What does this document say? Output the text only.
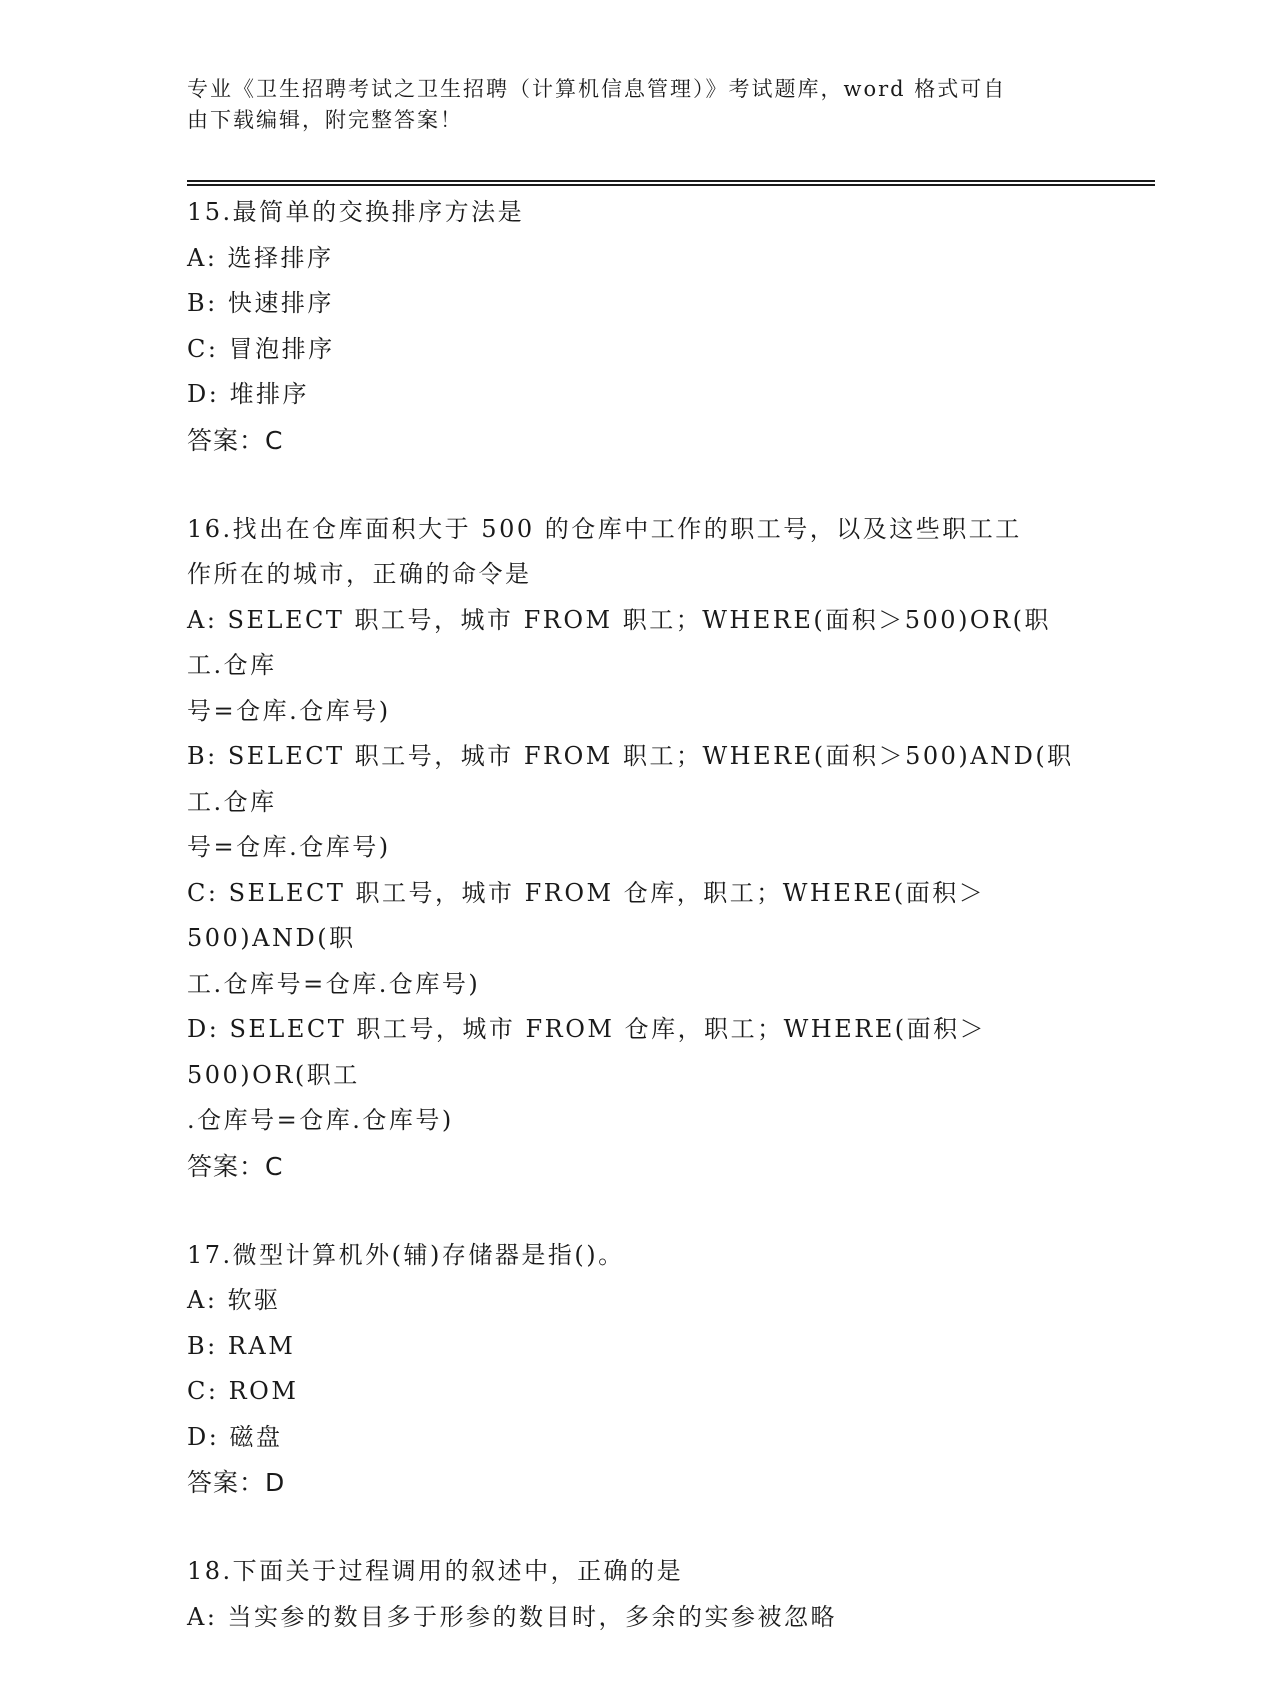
专业《卫生招聘考试之卫生招聘（计算机信息管理）》考试题库，word 格式可自
由下载编辑，附完整答案！

15.最简单的交换排序方法是

A: 选择排序

B: 快速排序

C: 冒泡排序

D: 堆排序

答案：C

16.找出在仓库面积大于 500 的仓库中工作的职工号，以及这些职工工

作所在的城市，正确的命令是

A: SELECT 职工号，城市 FROM 职工；WHERE(面积＞500)OR(职工.仓库

号=仓库.仓库号)

B: SELECT 职工号，城市 FROM 职工；WHERE(面积＞500)AND(职工.仓库

号=仓库.仓库号)

C: SELECT 职工号，城市 FROM 仓库，职工；WHERE(面积＞500)AND(职

工.仓库号=仓库.仓库号)

D: SELECT 职工号，城市 FROM 仓库，职工；WHERE(面积＞500)OR(职工

.仓库号=仓库.仓库号)

答案：C

17.微型计算机外(辅)存储器是指()。

A: 软驱

B: RAM

C: ROM

D: 磁盘

答案：D

18.下面关于过程调用的叙述中，正确的是

A: 当实参的数目多于形参的数目时，多余的实参被忽略
